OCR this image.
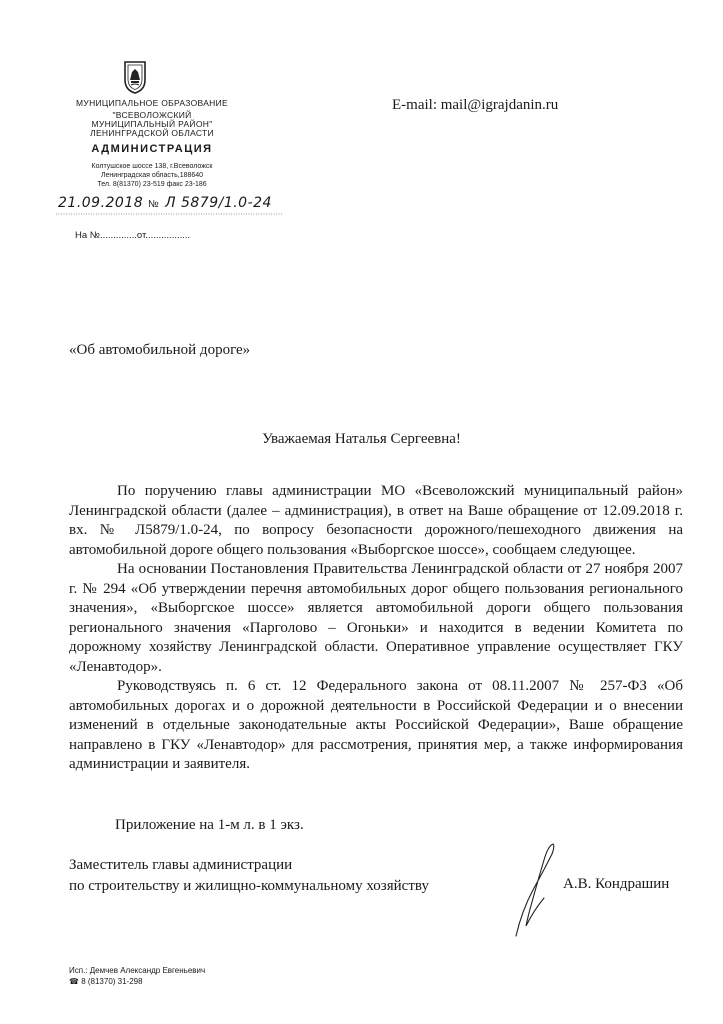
МУНИЦИПАЛЬНОЕ ОБРАЗОВАНИЕ
"ВСЕВОЛОЖСКИЙ
МУНИЦИПАЛЬНЫЙ РАЙОН"
ЛЕНИНГРАДСКОЙ ОБЛАСТИ
АДМИНИСТРАЦИЯ
Колтушское шоссе 138, г.Всеволожск
Ленинградская область,188640
Тел. 8(81370) 23-519 факс 23-186
E-mail: mail@igrajdanin.ru
21.09.2018 № Л 5879/1.0-24
На №..............от.................
«Об автомобильной дороге»
Уважаемая Наталья Сергеевна!

По поручению главы администрации МО «Всеволожский муниципальный район» Ленинградской области (далее – администрация), в ответ на Ваше обращение от 12.09.2018 г. вх. № Л5879/1.0-24, по вопросу безопасности дорожного/пешеходного движения на автомобильной дороге общего пользования «Выборгское шоссе», сообщаем следующее.

На основании Постановления Правительства Ленинградской области от 27 ноября 2007 г. № 294 «Об утверждении перечня автомобильных дорог общего пользования регионального значения», «Выборгское шоссе» является автомобильной дороги общего пользования регионального значения «Парголово – Огоньки» и находится в ведении Комитета по дорожному хозяйству Ленинградской области. Оперативное управление осуществляет ГКУ «Ленавтодор».

Руководствуясь п. 6 ст. 12 Федерального закона от 08.11.2007 № 257-ФЗ «Об автомобильных дорогах и о дорожной деятельности в Российской Федерации и о внесении изменений в отдельные законодательные акты Российской Федерации», Ваше обращение направлено в ГКУ «Ленавтодор» для рассмотрения, принятия мер, а также информирования администрации и заявителя.

Приложение на 1-м л. в 1 экз.
Заместитель главы администрации
по строительству и жилищно-коммунальному хозяйству	А.В. Кондрашин
Исп.: Демчев Александр Евгеньевич
☎ 8 (81370) 31-298
